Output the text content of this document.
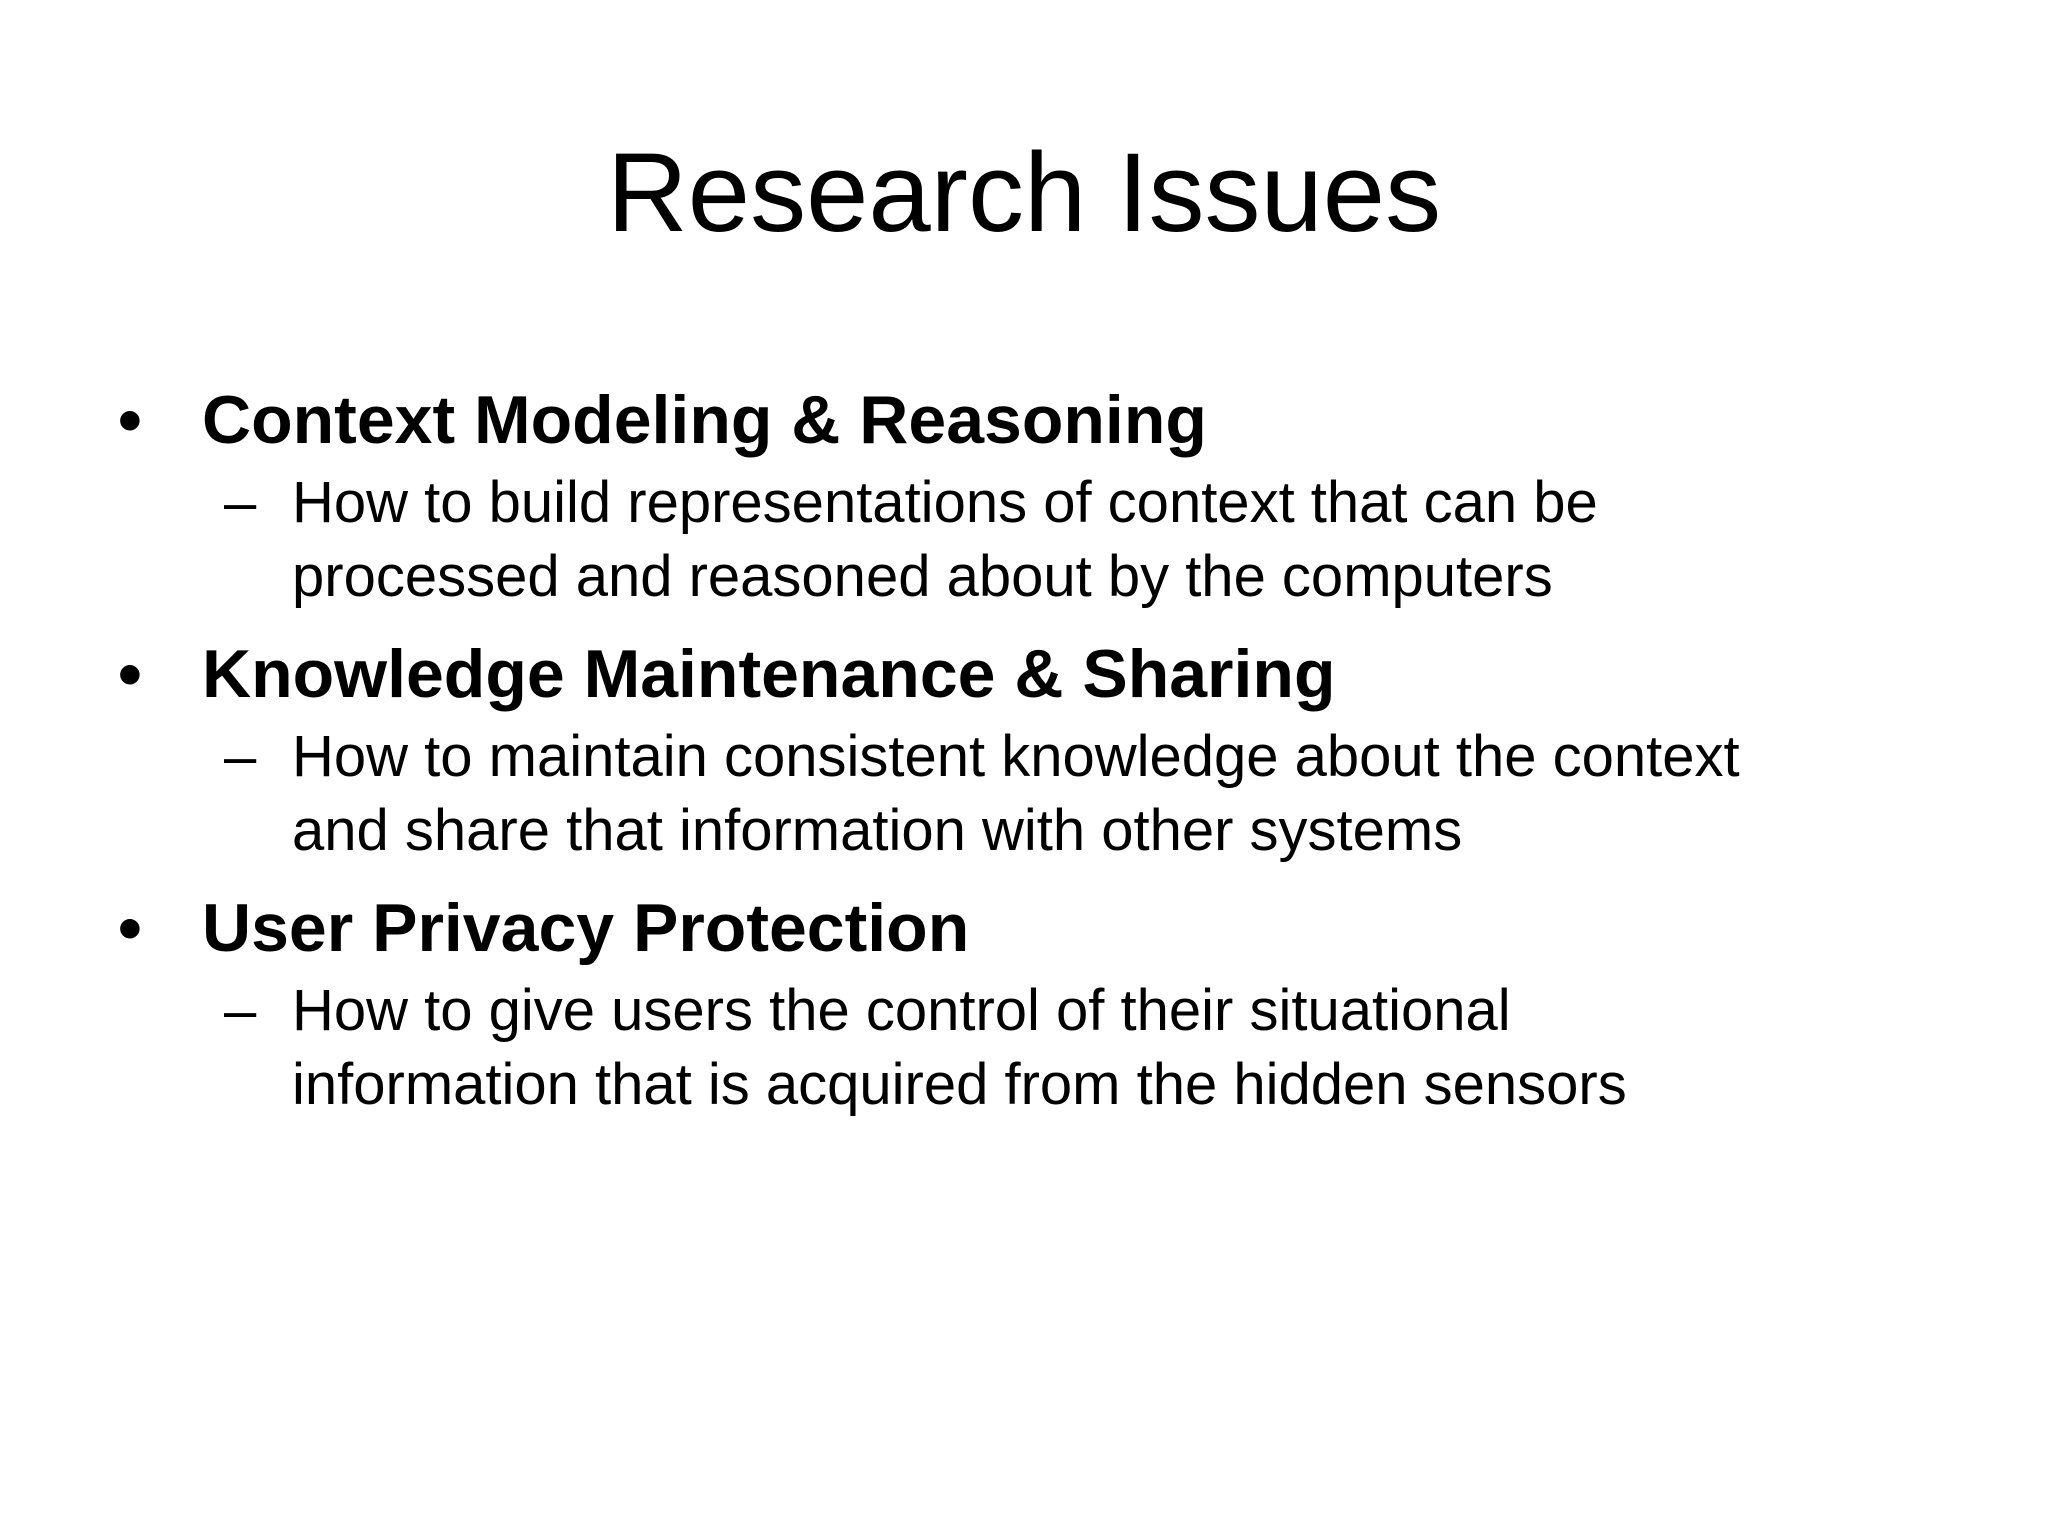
Research Issues
• Context Modeling & Reasoning
– How to build representations of context that can be
processed and reasoned about by the computers
• Knowledge Maintenance & Sharing
– How to maintain consistent knowledge about the context
and share that information with other systems
• User Privacy Protection
– How to give users the control of their situational
information that is acquired from the hidden sensors
